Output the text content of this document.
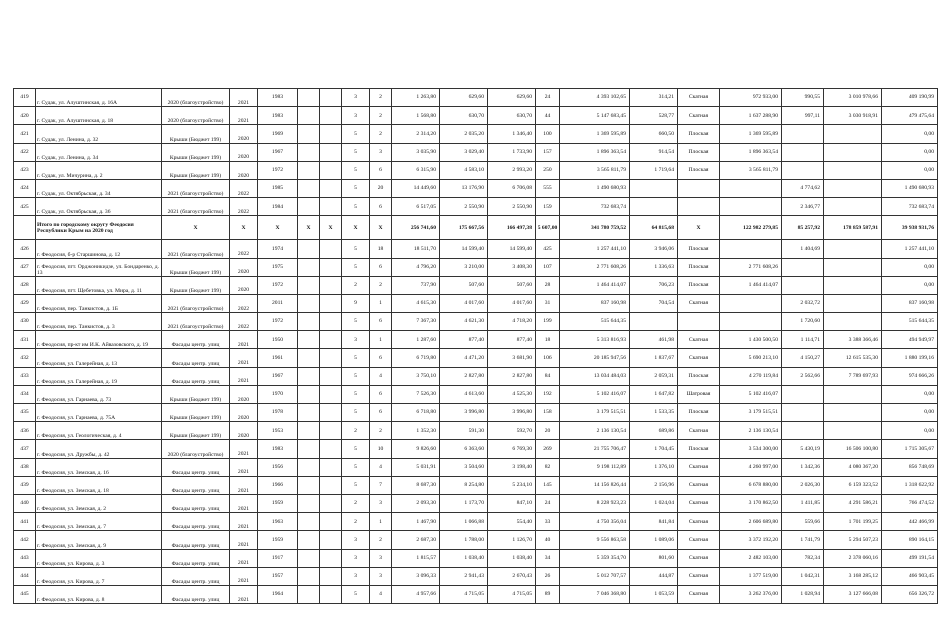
419	г. Судак, ул. Алуштинская, д. 16А	2020 (благоустройство)	2021	1983			3	2	1 263,80	629,60	629,60	24	4 393 102,65	314,21	Скатная	972 933,00	990,55	3 010 978,66	409 190,99
420	г. Судак, ул. Алуштинская, д. 18	2020 (благоустройство)	2021	1983			3	2	1 568,80	630,70	630,70	44	5 147 683,45	528,77	Скатная	1 637 288,90	997,11	3 030 918,91	479 475,64
421	г. Судак, ул. Ленина, д. 32	Крыши (Бюджет 199)	2020	1969			5	2	2 314,20	2 035,20	1 346,40	100	1 369 595,89	660,50	Плоская	1 369 595,89			0,00
422	г. Судак, ул. Ленина, д. 34	Крыши (Бюджет 199)	2020	1967			5	3	3 035,90	3 029,40	1 733,90	157	1 896 363,54	914,54	Плоская	1 896 363,54			0,00
423	г. Судак, ул. Мичурина, д. 2	Крыши (Бюджет 199)	2020	1972			5	6	6 315,90	4 583,10	2 993,20	250	3 565 811,79	1 719,64	Плоская	3 565 811,79			0,00
424	г. Судак, ул. Октябрьская, д. 34	2021 (благоустройство)	2022	1985			5	20	14 449,60	13 176,90	6 706,08	555	1 490 680,93				4 774,62		1 490 680,93
425	г. Судак, ул. Октябрьская, д. 36	2021 (благоустройство)	2022	1984			5	6	6 517,05	2 550,90	2 550,90	159	732 683,74				2 346,77		732 683,74
	Итого по городскому округу Феодосия Республики Крым на 2020 год	X	X	X	X	X	X	X	256 741,60	175 667,56	166 497,38	5 607,00	341 780 759,52	64 815,68	X	122 982 279,85	85 257,92	178 859 587,91	39 938 931,76
426	г. Феодосия, б-р Старшинова, д. 12	2021 (благоустройство)	2022	1974			5	18	18 511,70	14 599,40	14 599,40	425	1 257 441,10	3 946,06	Плоская		1 404,69		1 257 441,10
427	г. Феодосия, пгт. Орджоникидзе, ул. Бондаренко, д. 13	Крыши (Бюджет 199)	2020	1975			5	6	4 796,20	3 210,00	3 408,30	107	2 771 608,26	1 336,63	Плоская	2 771 608,26			0,00
428	г. Феодосия, пгт. Щебетовка, ул. Мира, д. 11	Крыши (Бюджет 199)	2020	1972			2	2	737,90	507,60	507,60	28	1 464 414,07	706,23	Плоская	1 464 414,07			0,00
429	г. Феодосия, пер. Танкистов, д. 1Б	2021 (благоустройство)	2022	2011			9	1	4 615,30	4 017,60	4 017,60	31	837 160,98	704,54	Скатная		2 032,72		837 160,98
430	г. Феодосия, пер. Танкистов, д. 3	2021 (благоустройство)	2022	1972			5	6	7 367,30	4 621,30	4 718,20	199	515 644,35				1 720,60		515 644,35
431	г. Феодосия, пр-кт им И.К. Айвазовского, д. 19	Фасады центр. улиц	2021	1950			3	1	1 287,60	877,40	877,40	18	5 313 816,93	461,98	Скатная	1 430 500,50	1 114,71	3 388 366,46	494 949,97
432	г. Феодосия, ул. Галерейная, д. 13	Фасады центр. улиц	2021	1961			5	6	6 719,80	4 471,20	3 681,90	106	20 185 947,56	1 837,67	Скатная	5 690 213,10	4 150,27	12 615 535,30	1 880 199,16
433	г. Феодосия, ул. Галерейная, д. 19	Фасады центр. улиц	2021	1967			5	4	3 750,10	2 827,80	2 827,80	84	13 034 484,03	2 059,31	Плоская	4 270 119,84	2 562,66	7 789 697,93	974 666,26
434	г. Феодосия, ул. Гарнаева, д. 73	Крыши (Бюджет 199)	2020	1970			5	6	7 526,30	4 613,60	4 525,30	192	5 102 416,07	1 647,82	Шатровая	5 102 416,07			0,00
435	г. Феодосия, ул. Гарнаева, д. 75А	Крыши (Бюджет 199)	2020	1978			5	6	6 718,80	3 996,80	3 996,80	158	3 179 515,51	1 533,35	Плоская	3 179 515,51			0,00
436	г. Феодосия, ул. Геологическая, д. 4	Крыши (Бюджет 199)	2020	1953			2	2	1 352,30	591,30	592,70	20	2 136 130,54	689,86	Скатная	2 136 130,54			0,00
437	г. Феодосия, ул. Дружбы, д. 42	2020 (благоустройство)	2021	1983			5	10	9 826,60	6 363,60	6 769,30	269	21 755 706,47	1 704,45	Плоская	3 534 300,00	5 430,19	16 506 100,80	1 715 305,67
438	г. Феодосия, ул. Земская, д. 16	Фасады центр. улиц	2021	1956			5	4	5 031,91	3 504,60	3 198,40	82	9 198 112,89	1 376,10	Скатная	4 260 997,00	1 342,36	4 080 367,20	856 748,69
439	г. Феодосия, ул. Земская, д. 18	Фасады центр. улиц	2021	1966			5	7	8 687,30	8 254,80	5 234,10	145	14 156 826,44	2 156,96	Скатная	6 678 880,00	2 026,30	6 159 323,52	1 318 622,92
440	г. Феодосия, ул. Земская, д. 2	Фасады центр. улиц	2021	1959			2	3	2 093,30	1 173,70	847,10	24	8 228 923,23	1 024,04	Скатная	3 170 862,50	1 411,85	4 291 586,21	766 474,52
441	г. Феодосия, ул. Земская, д. 7	Фасады центр. улиц	2021	1963			2	1	1 467,90	1 066,88	554,40	33	4 750 356,04	841,84	Скатная	2 606 689,80	559,66	1 701 199,25	442 466,99
442	г. Феодосия, ул. Земская, д. 9	Фасады центр. улиц	2021	1959			3	2	2 687,30	1 788,00	1 126,70	40	9 556 863,58	1 089,06	Скатная	3 372 192,20	1 741,79	5 294 507,23	890 164,15
443	г. Феодосия, ул. Кирова, д. 3	Фасады центр. улиц	2021	1917			3	3	1 815,57	1 038,40	1 038,40	34	5 359 354,70	801,60	Скатная	2 482 103,00	782,34	2 378 060,16	499 191,54
444	г. Феодосия, ул. Кирова, д. 7	Фасады центр. улиц	2021	1957			3	3	3 096,33	2 941,43	2 670,43	26	5 012 707,57	444,87	Скатная	1 377 519,00	1 042,31	3 168 285,12	466 903,45
445	г. Феодосия, ул. Кирова, д. 8	Фасады центр. улиц	2021	1964			5	4	4 957,66	4 715,05	4 715,05	89	7 046 368,80	1 053,59	Скатная	3 262 376,00	1 028,94	3 127 666,08	656 326,72
